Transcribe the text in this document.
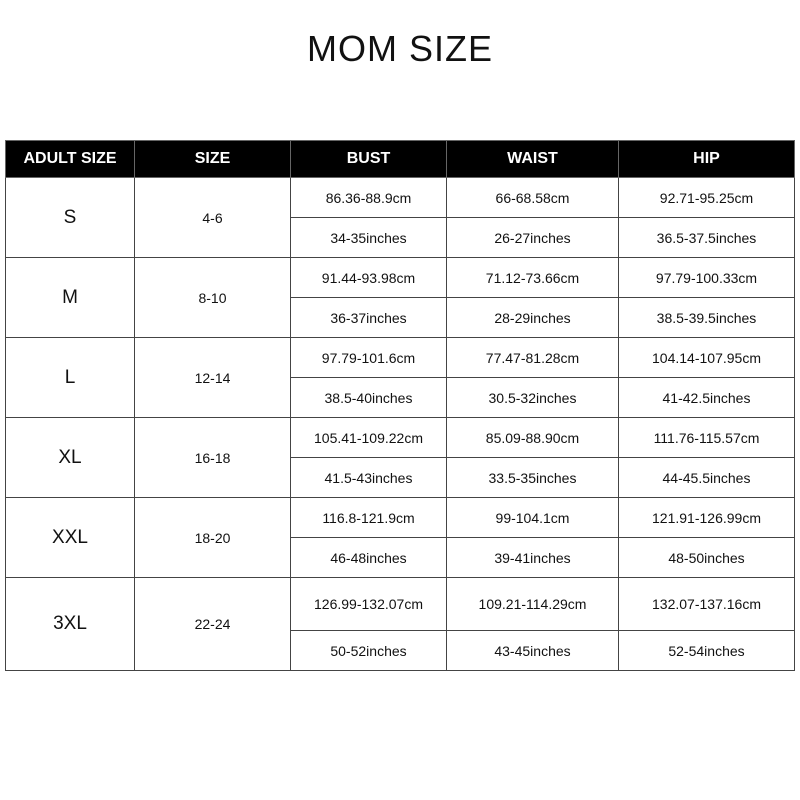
MOM SIZE
ADULT SIZE	SIZE	BUST	WAIST	HIP
S	4-6	86.36-88.9cm	66-68.58cm	92.71-95.25cm
		34-35inches	26-27inches	36.5-37.5inches
M	8-10	91.44-93.98cm	71.12-73.66cm	97.79-100.33cm
		36-37inches	28-29inches	38.5-39.5inches
L	12-14	97.79-101.6cm	77.47-81.28cm	104.14-107.95cm
		38.5-40inches	30.5-32inches	41-42.5inches
XL	16-18	105.41-109.22cm	85.09-88.90cm	111.76-115.57cm
		41.5-43inches	33.5-35inches	44-45.5inches
XXL	18-20	116.8-121.9cm	99-104.1cm	121.91-126.99cm
		46-48inches	39-41inches	48-50inches
3XL	22-24	126.99-132.07cm	109.21-114.29cm	132.07-137.16cm
		50-52inches	43-45inches	52-54inches
